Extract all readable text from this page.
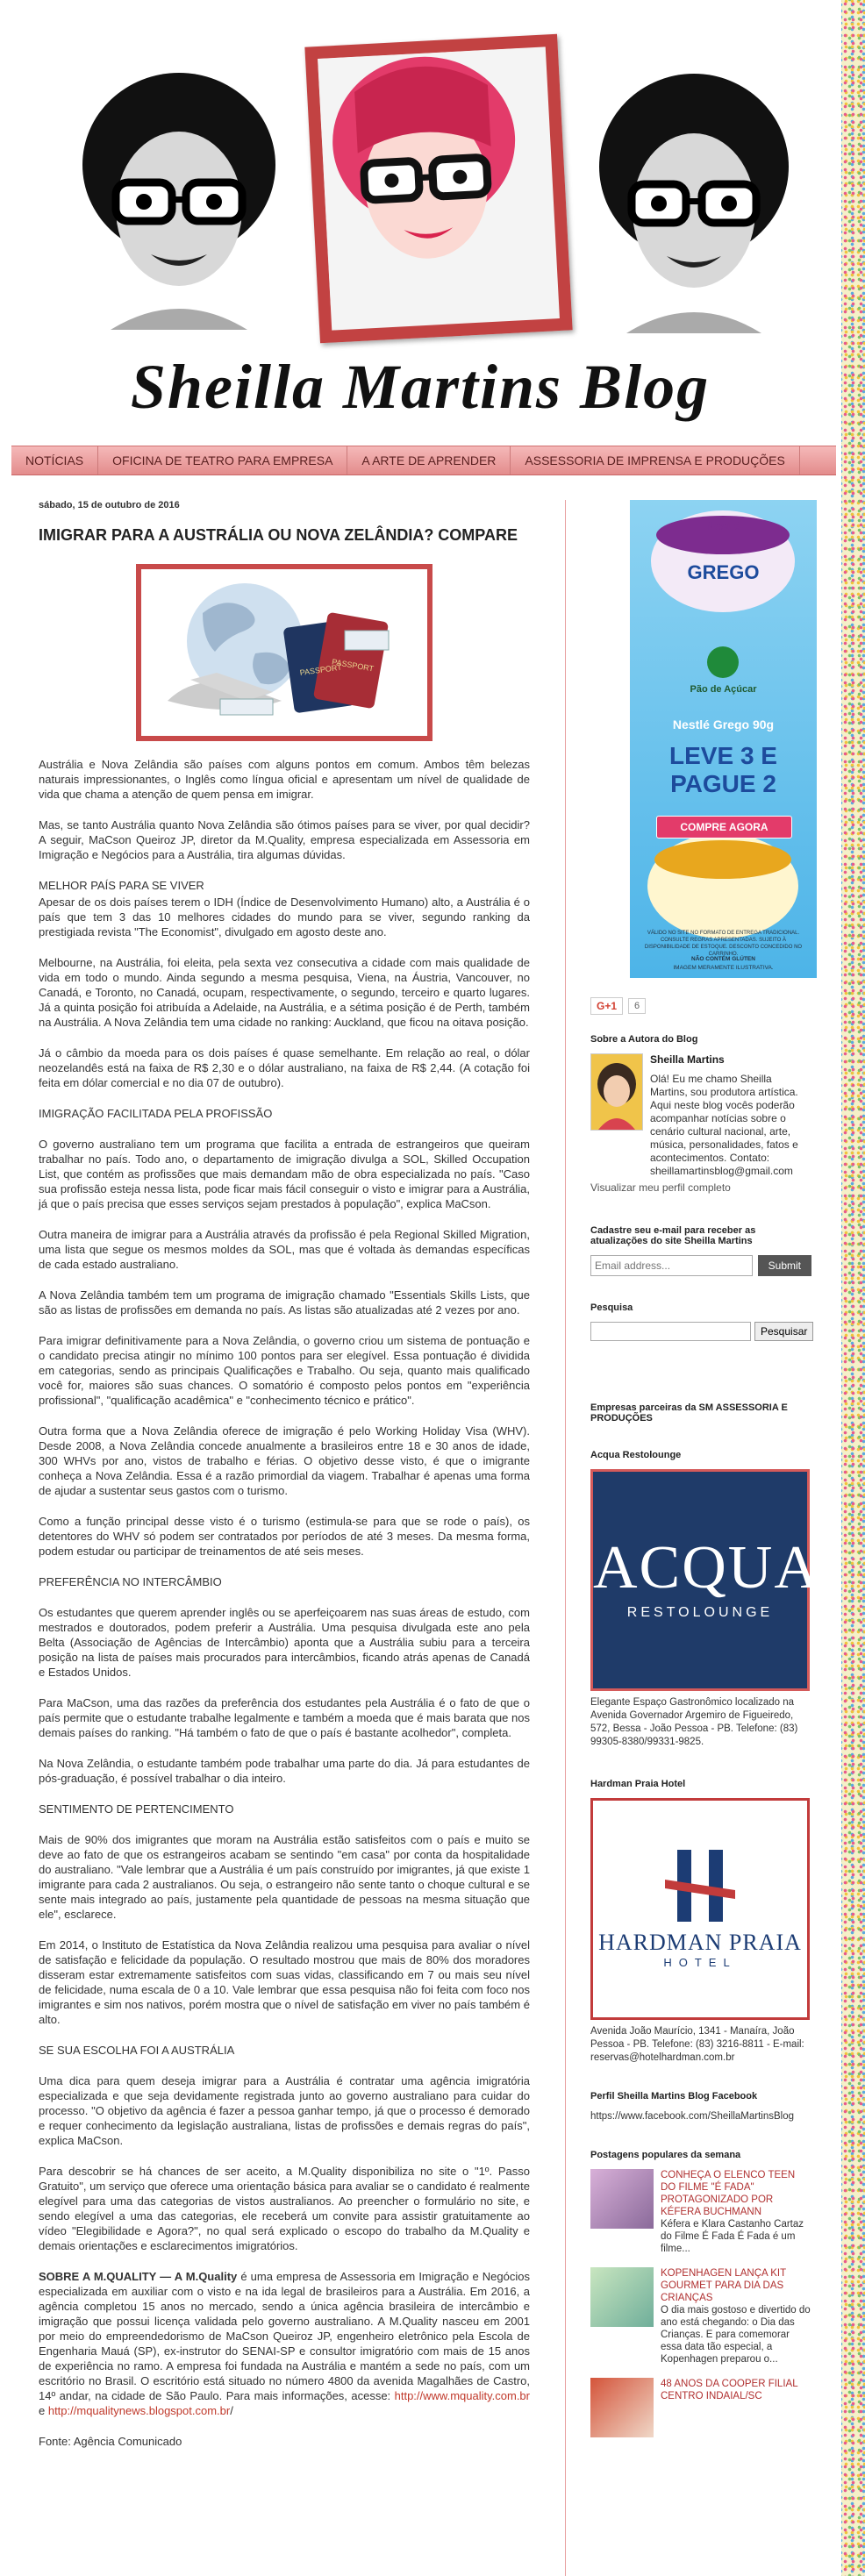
Sheilla Martins Blog
NOTÍCIAS	OFICINA DE TEATRO PARA EMPRESA	A ARTE DE APRENDER	ASSESSORIA DE IMPRENSA E PRODUÇÕES
sábado, 15 de outubro de 2016
IMIGRAR PARA A AUSTRÁLIA OU NOVA ZELÂNDIA? COMPARE
PASSPORT
PASSPORT

Austrália e Nova Zelândia são países com alguns pontos em comum. Ambos têm belezas naturais impressionantes, o Inglês como língua oficial e apresentam um nível de qualidade de vida que chama a atenção de quem pensa em imigrar.

Mas, se tanto Austrália quanto Nova Zelândia são ótimos países para se viver, por qual decidir? A seguir, MaCson Queiroz JP, diretor da M.Quality, empresa especializada em Assessoria em Imigração e Negócios para a Austrália, tira algumas dúvidas.

MELHOR PAÍS PARA SE VIVER

Apesar de os dois países terem o IDH (Índice de Desenvolvimento Humano) alto, a Austrália é o país que tem 3 das 10 melhores cidades do mundo para se viver, segundo ranking da prestigiada revista "The Economist", divulgado em agosto deste ano.

Melbourne, na Austrália, foi eleita, pela sexta vez consecutiva a cidade com mais qualidade de vida em todo o mundo. Ainda segundo a mesma pesquisa, Viena, na Áustria, Vancouver, no Canadá, e Toronto, no Canadá, ocupam, respectivamente, o segundo, terceiro e quarto lugares. Já a quinta posição foi atribuída a Adelaide, na Austrália, e a sétima posição é de Perth, também na Austrália. A Nova Zelândia tem uma cidade no ranking: Auckland, que ficou na oitava posição.

Já o câmbio da moeda para os dois países é quase semelhante. Em relação ao real, o dólar neozelandês está na faixa de R$ 2,30 e o dólar australiano, na faixa de R$ 2,44. (A cotação foi feita em dólar comercial e no dia 07 de outubro).

IMIGRAÇÃO FACILITADA PELA PROFISSÃO

O governo australiano tem um programa que facilita a entrada de estrangeiros que queiram trabalhar no país. Todo ano, o departamento de imigração divulga a SOL, Skilled Occupation List, que contém as profissões que mais demandam mão de obra especializada no país. "Caso sua profissão esteja nessa lista, pode ficar mais fácil conseguir o visto e imigrar para a Austrália, já que o país precisa que esses serviços sejam prestados à população", explica MaCson.

Outra maneira de imigrar para a Austrália através da profissão é pela Regional Skilled Migration, uma lista que segue os mesmos moldes da SOL, mas que é voltada às demandas específicas de cada estado australiano.

A Nova Zelândia também tem um programa de imigração chamado "Essentials Skills Lists, que são as listas de profissões em demanda no país. As listas são atualizadas até 2 vezes por ano.

Para imigrar definitivamente para a Nova Zelândia, o governo criou um sistema de pontuação e o candidato precisa atingir no mínimo 100 pontos para ser elegível. Essa pontuação é dividida em categorias, sendo as principais Qualificações e Trabalho. Ou seja, quanto mais qualificado você for, maiores são suas chances. O somatório é composto pelos pontos em "experiência profissional", "qualificação acadêmica" e "conhecimento técnico e prático".

Outra forma que a Nova Zelândia oferece de imigração é pelo Working Holiday Visa (WHV). Desde 2008, a Nova Zelândia concede anualmente a brasileiros entre 18 e 30 anos de idade, 300 WHVs por ano, vistos de trabalho e férias. O objetivo desse visto, é que o imigrante conheça a Nova Zelândia. Essa é a razão primordial da viagem. Trabalhar é apenas uma forma de ajudar a sustentar seus gastos com o turismo.

Como a função principal desse visto é o turismo (estimula-se para que se rode o país), os detentores do WHV só podem ser contratados por períodos de até 3 meses. Da mesma forma, podem estudar ou participar de treinamentos de até seis meses.

PREFERÊNCIA NO INTERCÂMBIO

Os estudantes que querem aprender inglês ou se aperfeiçoarem nas suas áreas de estudo, com mestrados e doutorados, podem preferir a Austrália. Uma pesquisa divulgada este ano pela Belta (Associação de Agências de Intercâmbio) aponta que a Austrália subiu para a terceira posição na lista de países mais procurados para intercâmbios, ficando atrás apenas de Canadá e Estados Unidos.

Para MaCson, uma das razões da preferência dos estudantes pela Austrália é o fato de que o país permite que o estudante trabalhe legalmente e também a moeda que é mais barata que nos demais países do ranking. "Há também o fato de que o país é bastante acolhedor", completa.

Na Nova Zelândia, o estudante também pode trabalhar uma parte do dia. Já para estudantes de pós-graduação, é possível trabalhar o dia inteiro.

SENTIMENTO DE PERTENCIMENTO

Mais de 90% dos imigrantes que moram na Austrália estão satisfeitos com o país e muito se deve ao fato de que os estrangeiros acabam se sentindo "em casa" por conta da hospitalidade do australiano. "Vale lembrar que a Austrália é um país construído por imigrantes, já que existe 1 imigrante para cada 2 australianos. Ou seja, o estrangeiro não sente tanto o choque cultural e se sente mais integrado ao país, justamente pela quantidade de pessoas na mesma situação que ele", esclarece.

Em 2014, o Instituto de Estatística da Nova Zelândia realizou uma pesquisa para avaliar o nível de satisfação e felicidade da população. O resultado mostrou que mais de 80% dos moradores disseram estar extremamente satisfeitos com suas vidas, classificando em 7 ou mais seu nível de felicidade, numa escala de 0 a 10. Vale lembrar que essa pesquisa não foi feita com foco nos imigrantes e sim nos nativos, porém mostra que o nível de satisfação em viver no país também é alto.

SE SUA ESCOLHA FOI A AUSTRÁLIA

Uma dica para quem deseja imigrar para a Austrália é contratar uma agência imigratória especializada e que seja devidamente registrada junto ao governo australiano para cuidar do processo. "O objetivo da agência é fazer a pessoa ganhar tempo, já que o processo é demorado e requer conhecimento da legislação australiana, listas de profissões e demais regras do país", explica MaCson.

Para descobrir se há chances de ser aceito, a M.Quality disponibiliza no site o "1º. Passo Gratuito", um serviço que oferece uma orientação básica para avaliar se o candidato é realmente elegível para uma das categorias de vistos australianos. Ao preencher o formulário no site, e sendo elegível a uma das categorias, ele receberá um convite para assistir gratuitamente ao vídeo "Elegibilidade e Agora?", no qual será explicado o escopo do trabalho da M.Quality e demais orientações e esclarecimentos imigratórios.

SOBRE A M.QUALITY — A M.Quality é uma empresa de Assessoria em Imigração e Negócios especializada em auxiliar com o visto e na ida legal de brasileiros para a Austrália. Em 2016, a agência completou 15 anos no mercado, sendo a única agência brasileira de intercâmbio e imigração que possui licença validada pelo governo australiano. A M.Quality nasceu em 2001 por meio do empreendedorismo de MaCson Queiroz JP, engenheiro eletrônico pela Escola de Engenharia Mauá (SP), ex-instrutor do SENAI-SP e consultor imigratório com mais de 15 anos de experiência no ramo. A empresa foi fundada na Austrália e mantém a sede no país, com um escritório no Brasil. O escritório está situado no número 4800 da avenida Magalhães de Castro, 14º andar, na cidade de São Paulo. Para mais informações, acesse: http://www.mquality.com.br e http://mqualitynews.blogspot.com.br/

Fonte: Agência Comunicado

Nestlé
GREGO
Pão de Açúcar
Nestlé Grego 90g
LEVE 3 E PAGUE 2
COMPRE AGORA
VÁLIDO NO SITE NO FORMATO DE ENTREGA TRADICIONAL. CONSULTE REGRAS APRESENTADAS. SUJEITO À DISPONIBILIDADE DE ESTOQUE. DESCONTO CONCEDIDO NO CARRINHO.
NÃO CONTÉM GLÚTEN
IMAGEM MERAMENTE ILUSTRATIVA.
G+1	6
Sobre a Autora do Blog
Sheilla Martins
Olá! Eu me chamo Sheilla Martins, sou produtora artística. Aqui neste blog vocês poderão acompanhar notícias sobre o cenário cultural nacional, arte, música, personalidades, fatos e acontecimentos. Contato: sheillamartinsblog@gmail.com
Visualizar meu perfil completo
Cadastre seu e-mail para receber as atualizações do site Sheilla Martins
Email address...
Submit
Pesquisa
Pesquisar
Empresas parceiras da SM ASSESSORIA E PRODUÇÕES
Acqua Restolounge
ACQUA
RESTOLOUNGE
Elegante Espaço Gastronômico localizado na Avenida Governador Argemiro de Figueiredo, 572, Bessa - João Pessoa - PB. Telefone: (83) 99305-8380/99331-9825.
Hardman Praia Hotel
HARDMAN PRAIA
HOTEL
Avenida João Maurício, 1341 - Manaíra, João Pessoa - PB. Telefone: (83) 3216-8811 - E-mail: reservas@hotelhardman.com.br
Perfil Sheilla Martins Blog Facebook
https://www.facebook.com/SheillaMartinsBlog
Postagens populares da semana
CONHEÇA O ELENCO TEEN DO FILME "É FADA" PROTAGONIZADO POR KÉFERA BUCHMANN
Kéfera e Klara Castanho Cartaz do Filme É Fada É Fada é um filme...
KOPENHAGEN LANÇA KIT GOURMET PARA DIA DAS CRIANÇAS
O dia mais gostoso e divertido do ano está chegando: o Dia das Crianças. E para comemorar essa data tão especial, a Kopenhagen preparou o...
48 ANOS DA COOPER FILIAL CENTRO INDAIAL/SC
